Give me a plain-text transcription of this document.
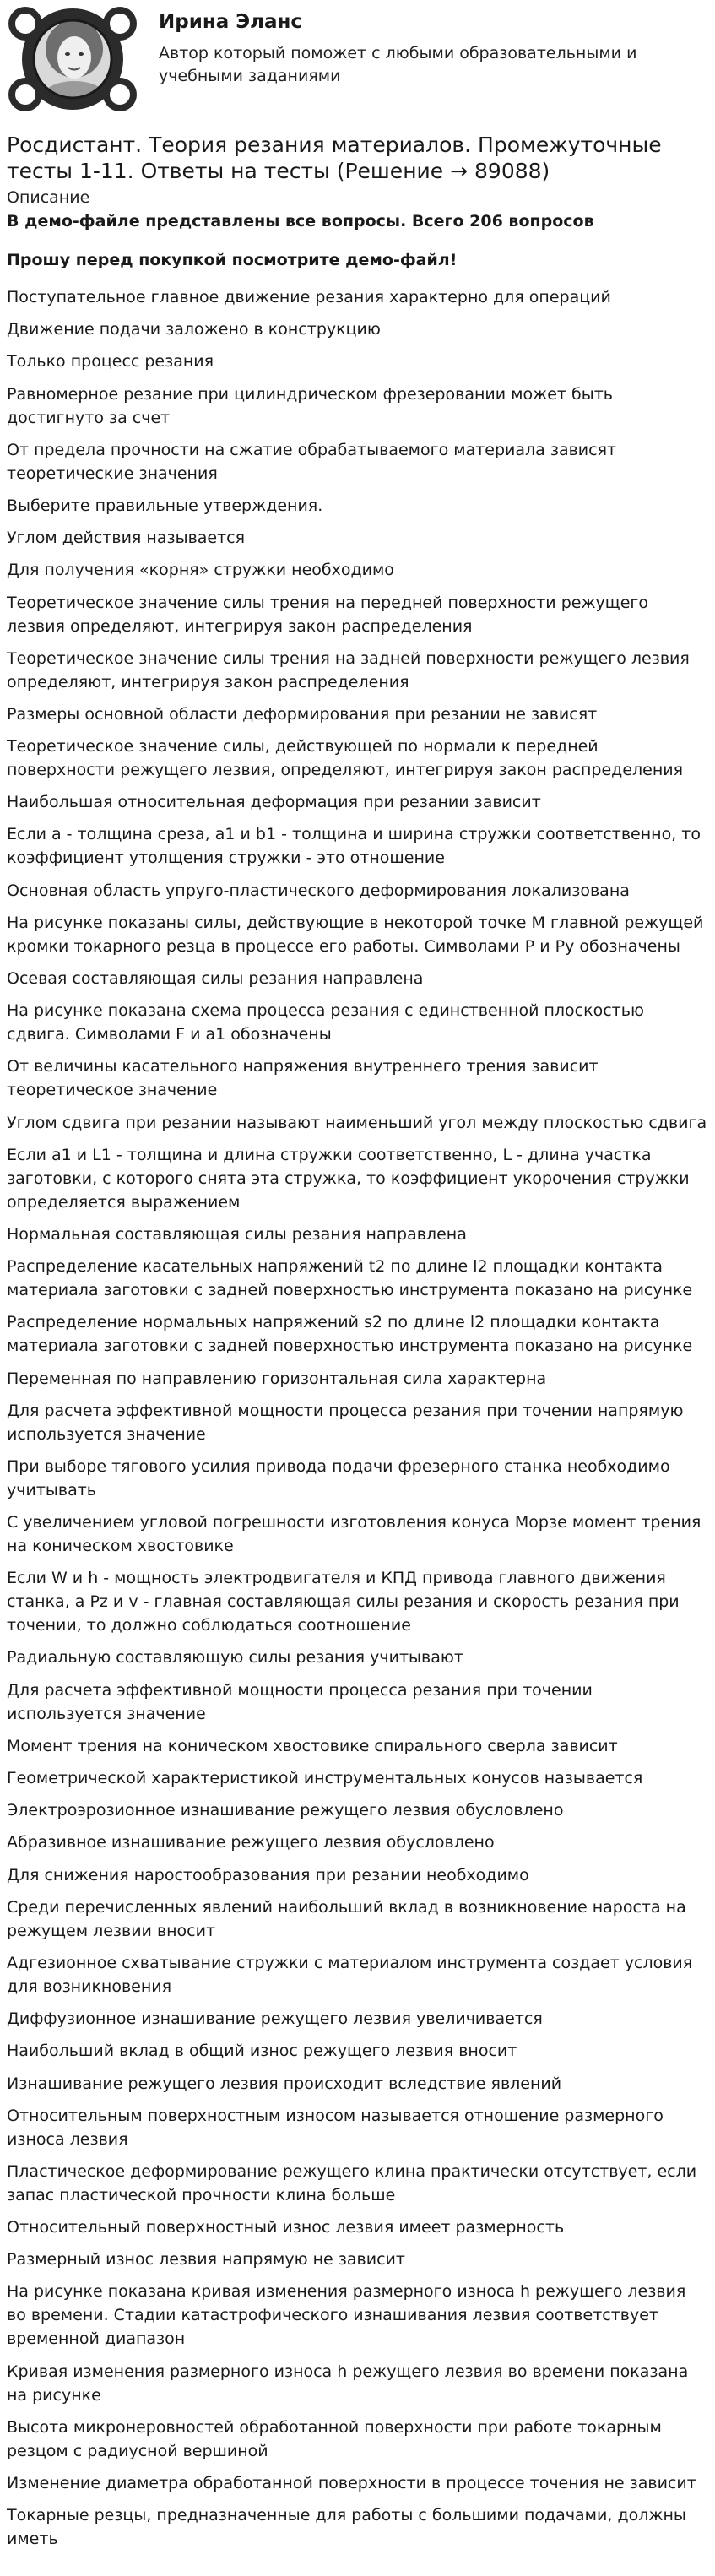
Ирина Эланс
Автор который поможет с любыми образовательными и учебными заданиями
Росдистант. Теория резания материалов. Промежуточные тесты 1-11. Ответы на тесты (Решение → 89088)
Описание
В демо-файле представлены все вопросы. Всего 206 вопросов
Прошу перед покупкой посмотрите демо-файл!
Поступательное главное движение резания характерно для операций
Движение подачи заложено в конструкцию
Только процесс резания
Равномерное резание при цилиндрическом фрезеровании может быть достигнуто за счет
От предела прочности на сжатие обрабатываемого материала зависят теоретические значения
Выберите правильные утверждения.
Углом действия называется
Для получения «корня» стружки необходимо
Теоретическое значение силы трения на передней поверхности режущего лезвия определяют, интегрируя закон распределения
Теоретическое значение силы трения на задней поверхности режущего лезвия определяют, интегрируя закон распределения
Размеры основной области деформирования при резании не зависят
Теоретическое значение силы, действующей по нормали к передней поверхности режущего лезвия, определяют, интегрируя закон распределения
Наибольшая относительная деформация при резании зависит
Если a - толщина среза, a1 и b1 - толщина и ширина стружки соответственно, то коэффициент утолщения стружки - это отношение
Основная область упруго-пластического деформирования локализована
На рисунке показаны силы, действующие в некоторой точке M главной режущей кромки токарного резца в процессе его работы. Символами P и Py обозначены
Осевая составляющая силы резания направлена
На рисунке показана схема процесса резания с единственной плоскостью сдвига. Символами F и a1 обозначены
От величины касательного напряжения внутреннего трения зависит теоретическое значение
Углом сдвига при резании называют наименьший угол между плоскостью сдвига
Если a1 и L1 - толщина и длина стружки соответственно, L - длина участка заготовки, с которого снята эта стружка, то коэффициент укорочения стружки определяется выражением
Нормальная составляющая силы резания направлена
Распределение касательных напряжений t2 по длине l2 площадки контакта материала заготовки с задней поверхностью инструмента показано на рисунке
Распределение нормальных напряжений s2 по длине l2 площадки контакта материала заготовки с задней поверхностью инструмента показано на рисунке
Переменная по направлению горизонтальная сила характерна
Для расчета эффективной мощности процесса резания при точении напрямую используется значение
При выборе тягового усилия привода подачи фрезерного станка необходимо учитывать
С увеличением угловой погрешности изготовления конуса Морзе момент трения на коническом хвостовике
Если W и h - мощность электродвигателя и КПД привода главного движения станка, а Pz и v - главная составляющая силы резания и скорость резания при точении, то должно соблюдаться соотношение
Радиальную составляющую силы резания учитывают
Для расчета эффективной мощности процесса резания при точении используется значение
Момент трения на коническом хвостовике спирального сверла зависит
Геометрической характеристикой инструментальных конусов называется
Электроэрозионное изнашивание режущего лезвия обусловлено
Абразивное изнашивание режущего лезвия обусловлено
Для снижения наростообразования при резании необходимо
Среди перечисленных явлений наибольший вклад в возникновение нароста на режущем лезвии вносит
Адгезионное схватывание стружки с материалом инструмента создает условия для возникновения
Диффузионное изнашивание режущего лезвия увеличивается
Наибольший вклад в общий износ режущего лезвия вносит
Изнашивание режущего лезвия происходит вследствие явлений
Относительным поверхностным износом называется отношение размерного износа лезвия
Пластическое деформирование режущего клина практически отсутствует, если запас пластической прочности клина больше
Относительный поверхностный износ лезвия имеет размерность
Размерный износ лезвия напрямую не зависит
На рисунке показана кривая изменения размерного износа h режущего лезвия во времени. Стадии катастрофического изнашивания лезвия соответствует временной диапазон
Кривая изменения размерного износа h режущего лезвия во времени показана на рисунке
Высота микронеровностей обработанной поверхности при работе токарным резцом с радиусной вершиной
Изменение диаметра обработанной поверхности в процессе точения не зависит
Токарные резцы, предназначенные для работы с большими подачами, должны иметь
